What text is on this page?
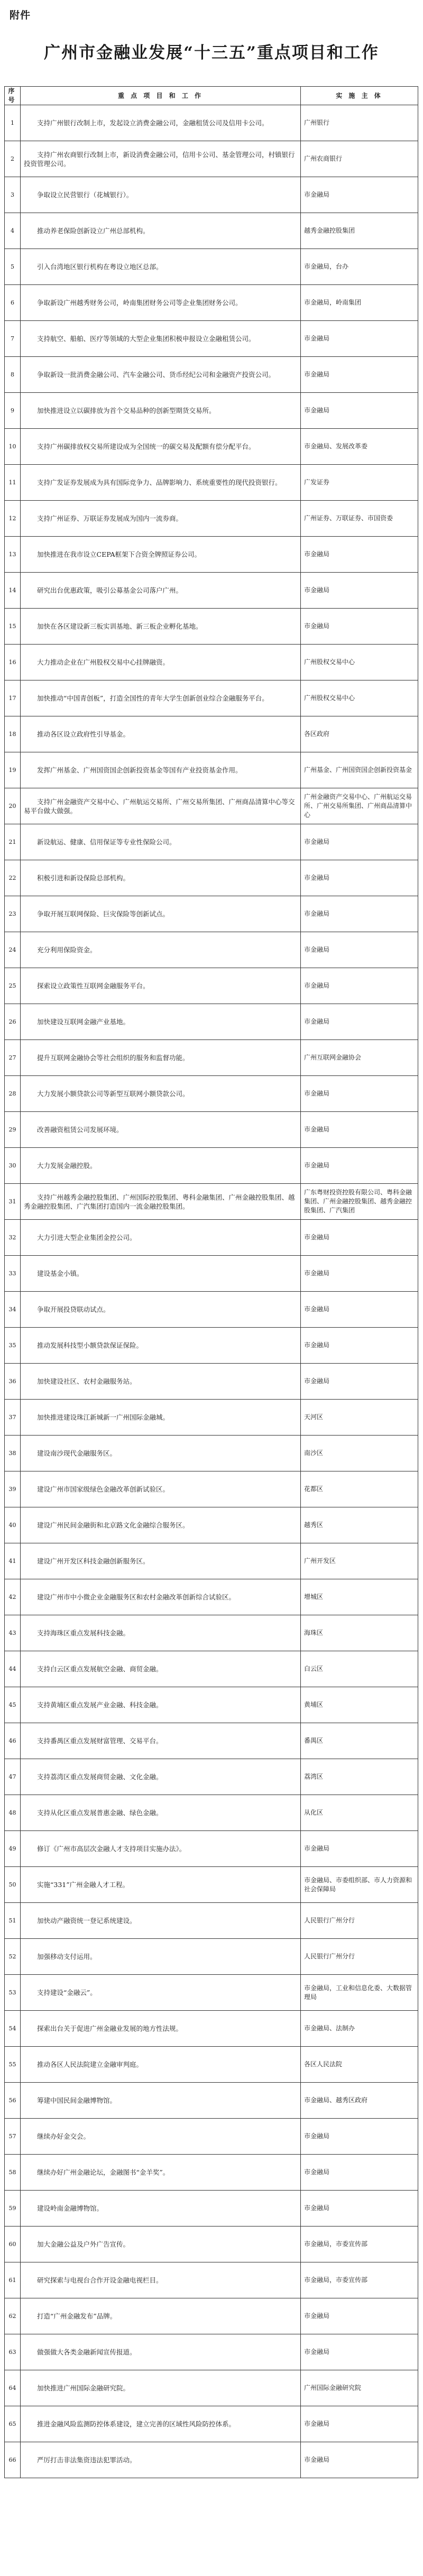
附件
广州市金融业发展“十三五”重点项目和工作
序号	重 点 项 目 和 工 作	实 施 主 体
1	支持广州银行改制上市，发起设立消费金融公司，金融租赁公司及信用卡公司。	广州银行
2	支持广州农商银行改制上市，新设消费金融公司，信用卡公司、基金管理公司，村镇银行投资管理公司。	广州农商银行
3	争取设立民营银行（花城银行）。	市金融局
4	推动养老保险创新设立广州总部机构。	越秀金融控股集团
5	引入台湾地区银行机构在粤设立地区总部。	市金融局，台办
6	争取新设广州越秀财务公司，岭南集团财务公司等企业集团财务公司。	市金融局，岭南集团
7	支持航空、船舶、医疗等领域的大型企业集团积极申报设立金融租赁公司。	市金融局
8	争取新设一批消费金融公司、汽车金融公司、货币经纪公司和金融资产投资公司。	市金融局
9	加快推进设立以碳排放为首个交易品种的创新型期货交易所。	市金融局
10	支持广州碳排放权交易所建设成为全国统一的碳交易及配额有偿分配平台。	市金融局、发展改革委
11	支持广发证券发展成为具有国际竞争力、品牌影响力、系统重要性的现代投资银行。	广发证券
12	支持广州证券、万联证券发展成为国内一流券商。	广州证券、万联证券、市国资委
13	加快推进在我市设立CEPA框架下合资全牌照证券公司。	市金融局
14	研究出台优惠政策，吸引公募基金公司落户广州。	市金融局
15	加快在各区建设新三板实训基地、新三板企业孵化基地。	市金融局
16	大力推动企业在广州股权交易中心挂牌融资。	广州股权交易中心
17	加快推动“中国青创板”，打造全国性的青年大学生创新创业综合金融服务平台。	广州股权交易中心
18	推动各区设立政府性引导基金。	各区政府
19	发挥广州基金、广州国资国企创新投资基金等国有产业投资基金作用。	广州基金、广州国资国企创新投资基金
20	支持广州金融资产交易中心、广州航运交易所、广州交易所集团、广州商品清算中心等交易平台做大做强。	广州金融资产交易中心、广州航运交易所、广州交易所集团、广州商品清算中心
21	新设航运、健康、信用保证等专业性保险公司。	市金融局
22	积极引进和新设保险总部机构。	市金融局
23	争取开展互联网保险、巨灾保险等创新试点。	市金融局
24	充分利用保险资金。	市金融局
25	探索设立政策性互联网金融服务平台。	市金融局
26	加快建设互联网金融产业基地。	市金融局
27	提升互联网金融协会等社会组织的服务和监督功能。	广州互联网金融协会
28	大力发展小额贷款公司等新型互联网小额贷款公司。	市金融局
29	改善融资租赁公司发展环境。	市金融局
30	大力发展金融控股。	市金融局
31	支持广州越秀金融控股集团、广州国际控股集团、粤科金融集团、广州金融控股集团、越秀金融控股集团、广汽集团打造国内一流金融控股集团。	广东粤财投资控股有限公司、粤科金融集团、广州金融控股集团、越秀金融控股集团、广汽集团
32	大力引进大型企业集团金控公司。	市金融局
33	建设基金小镇。	市金融局
34	争取开展投贷联动试点。	市金融局
35	推动发展科技型小额贷款保证保险。	市金融局
36	加快建设社区、农村金融服务站。	市金融局
37	加快推进建设珠江新城新一广州国际金融城。	天河区
38	建设南沙现代金融服务区。	南沙区
39	建设广州市国家级绿色金融改革创新试验区。	花都区
40	建设广州民间金融街和北京路文化金融综合服务区。	越秀区
41	建设广州开发区科技金融创新服务区。	广州开发区
42	建设广州市中小微企业金融服务区和农村金融改革创新综合试验区。	增城区
43	支持海珠区重点发展科技金融。	海珠区
44	支持白云区重点发展航空金融、商贸金融。	白云区
45	支持黄埔区重点发展产业金融、科技金融。	黄埔区
46	支持番禺区重点发展财富管理、交易平台。	番禺区
47	支持荔湾区重点发展商贸金融、文化金融。	荔湾区
48	支持从化区重点发展普惠金融、绿色金融。	从化区
49	修订《广州市高层次金融人才支持项目实施办法》。	市金融局
50	实施“331”广州金融人才工程。	市金融局、市委组织部、市人力资源和社会保障局
51	加快动产融资统一登记系统建设。	人民银行广州分行
52	加强移动支付运用。	人民银行广州分行
53	支持建设“金融云”。	市金融局，工业和信息化委、大数据管理局
54	探索出台关于促进广州金融业发展的地方性法规。	市金融局、法制办
55	推动各区人民法院建立金融审判庭。	各区人民法院
56	筹建中国民间金融博物馆。	市金融局、越秀区政府
57	继续办好金交会。	市金融局
58	继续办好广州金融论坛，金融图书“金羊奖”。	市金融局
59	建设岭南金融博物馆。	市金融局
60	加大金融公益及户外广告宣传。	市金融局，市委宣传部
61	研究探索与电视台合作开设金融电视栏目。	市金融局，市委宣传部
62	打造“广州金融发布”品牌。	市金融局
63	做强做大各类金融新闻宣传报道。	市金融局
64	加快推进广州国际金融研究院。	广州国际金融研究院
65	推进金融风险监测防控体系建设，建立完善的区域性风险防控体系。	市金融局
66	严厉打击非法集资违法犯罪活动。	市金融局
